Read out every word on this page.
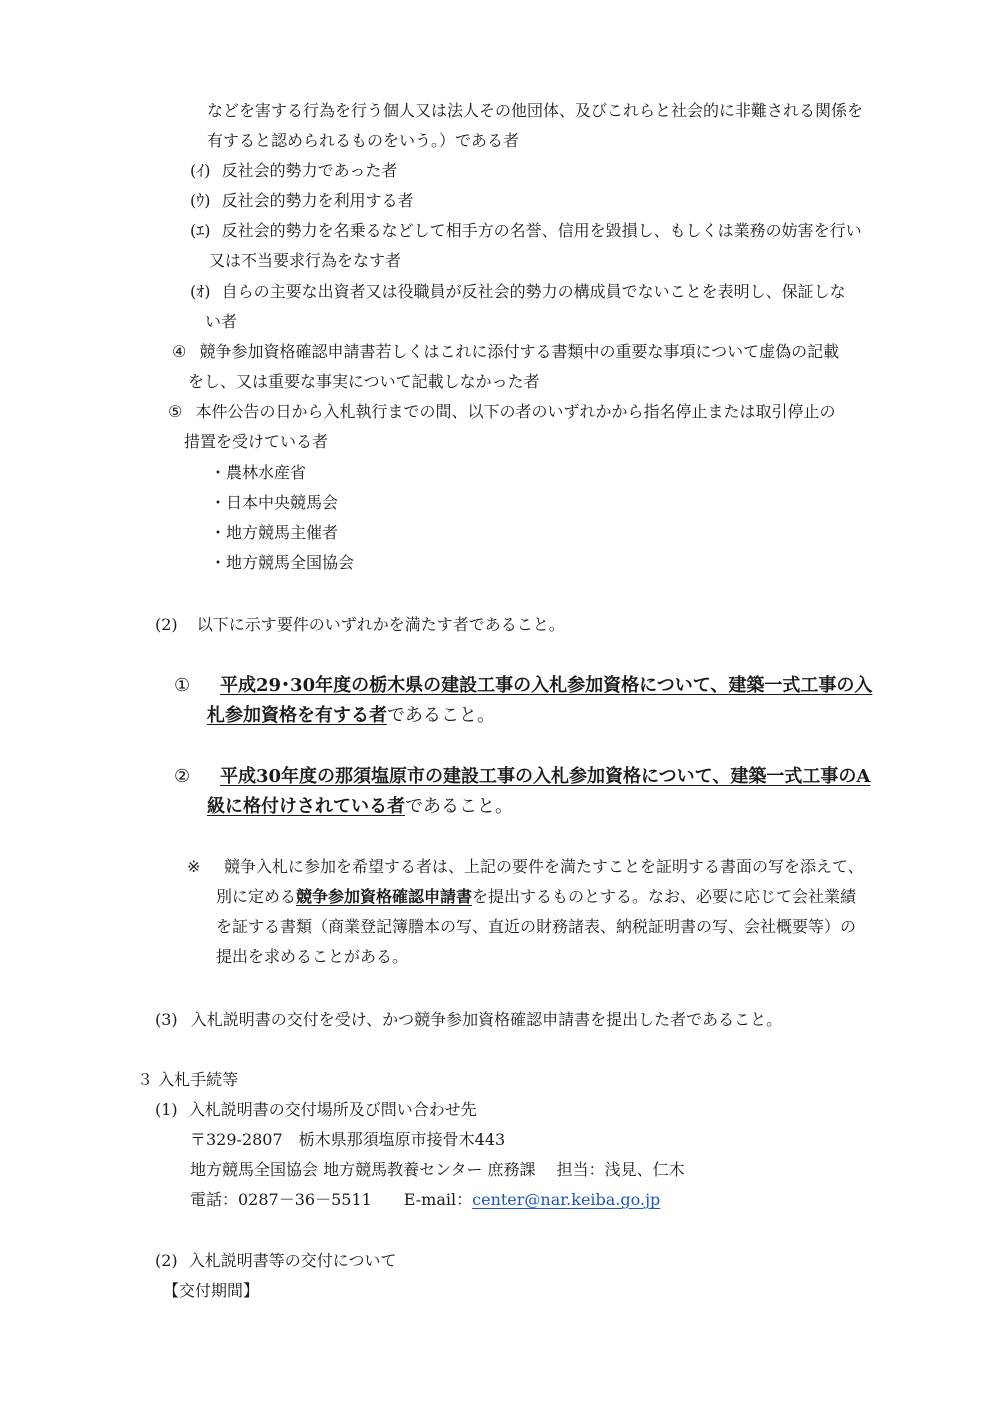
などを害する行為を行う個人又は法人その他団体、及びこれらと社会的に非難される関係を
有すると認められるものをいう。）である者
(ｲ) 反社会的勢力であった者
(ｳ) 反社会的勢力を利用する者
(ｴ) 反社会的勢力を名乗るなどして相手方の名誉、信用を毀損し、もしくは業務の妨害を行い
又は不当要求行為をなす者
(ｵ) 自らの主要な出資者又は役職員が反社会的勢力の構成員でないことを表明し、保証しな
い者
④ 競争参加資格確認申請書若しくはこれに添付する書類中の重要な事項について虚偽の記載
をし、又は重要な事実について記載しなかった者
⑤ 本件公告の日から入札執行までの間、以下の者のいずれかから指名停止または取引停止の
措置を受けている者
・農林水産省
・日本中央競馬会
・地方競馬主催者
・地方競馬全国協会
(2) 以下に示す要件のいずれかを満たす者であること。
① 平成29･30年度の栃木県の建設工事の入札参加資格について、建築一式工事の入
札参加資格を有する者であること。
② 平成30年度の那須塩原市の建設工事の入札参加資格について、建築一式工事のA
級に格付けされている者であること。
※ 競争入札に参加を希望する者は、上記の要件を満たすことを証明する書面の写を添えて、
別に定める競争参加資格確認申請書を提出するものとする。なお、必要に応じて会社業績
を証する書類（商業登記簿謄本の写、直近の財務諸表、納税証明書の写、会社概要等）の
提出を求めることがある。
(3) 入札説明書の交付を受け、かつ競争参加資格確認申請書を提出した者であること。
３ 入札手続等
(1) 入札説明書の交付場所及び問い合わせ先
〒329-2807　栃木県那須塩原市接骨木443
地方競馬全国協会 地方競馬教養センター 庶務課　 担当：浅見、仁木
電話：0287－36－5511　　E-mail：center@nar.keiba.go.jp
(2) 入札説明書等の交付について
【交付期間】
